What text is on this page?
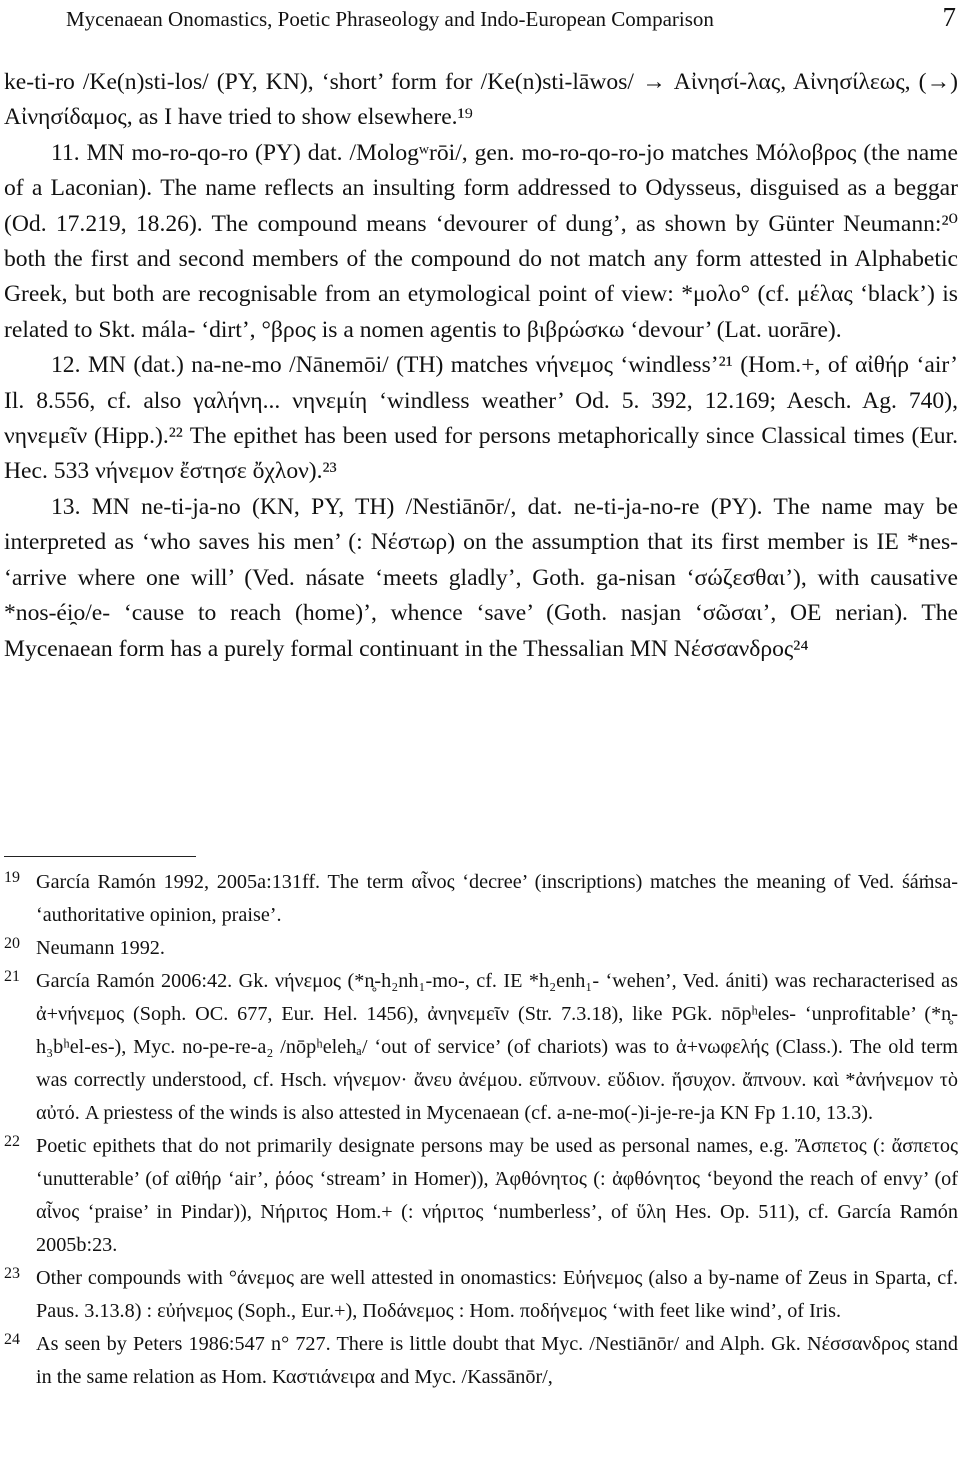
Mycenaean Onomastics, Poetic Phraseology and Indo-European Comparison	7

ke-ti-ro /Ke(n)sti-los/ (PY, KN), ‘short’ form for /Ke(n)sti-lāwos/ → Αἰνησί-λας, Αἰνησίλεως, (→) Αἰνησίδαμος, as I have tried to show elsewhere.¹⁹

11. MN mo-ro-qo-ro (PY) dat. /Mologʷrōi/, gen. mo-ro-qo-ro-jo matches Μόλοβρος (the name of a Laconian). The name reflects an insulting form addressed to Odysseus, disguised as a beggar (Od. 17.219, 18.26). The compound means ‘devourer of dung’, as shown by Günter Neumann:²⁰ both the first and second members of the compound do not match any form attested in Alphabetic Greek, but both are recognisable from an etymological point of view: *μολο° (cf. μέλας ‘black’) is related to Skt. mála- ‘dirt’, °βρος is a nomen agentis to βιβρώσκω ‘devour’ (Lat. uorāre).

12. MN (dat.) na-ne-mo /Nānemōi/ (TH) matches νήνεμος ‘windless’²¹ (Hom.+, of αἰθήρ ‘air’ Il. 8.556, cf. also γαλήνη... νηνεμίη ‘windless weather’ Od. 5. 392, 12.169; Aesch. Ag. 740), νηνεμεῖν (Hipp.).²² The epithet has been used for persons metaphorically since Classical times (Eur. Hec. 533 νήνεμον ἔστησε ὄχλον).²³

13. MN ne-ti-ja-no (KN, PY, TH) /Nestiānōr/, dat. ne-ti-ja-no-re (PY). The name may be interpreted as ‘who saves his men’ (: Νέστωρ) on the assumption that its first member is IE *nes- ‘arrive where one will’ (Ved. násate ‘meets gladly’, Goth. ga-nisan ‘σώζεσθαι’), with causative *nos-éi̯o/e- ‘cause to reach (home)’, whence ‘save’ (Goth. nasjan ‘σῶσαι’, OE nerian). The Mycenaean form has a purely formal continuant in the Thessalian MN Νέσσανδρος²⁴

19 García Ramón 1992, 2005a:131ff. The term αἶνος ‘decree’ (inscriptions) matches the meaning of Ved. śáṁsa- ‘authoritative opinion, praise’.
20 Neumann 1992.
21 García Ramón 2006:42. Gk. νήνεμος (*n̥-h₂nh₁-mo-, cf. IE *h₂enh₁- ‘wehen’, Ved. ániti) was recharacterised as ἀ+νήνεμος (Soph. OC. 677, Eur. Hel. 1456), ἀνηνεμεῖν (Str. 7.3.18), like PGk. nōpʰeles- ‘unprofitable’ (*n̥-h₃bʰel-es-), Myc. no-pe-re-a₂ /nōpʰelehₐ/ ‘out of service’ (of chariots) was to ἀ+νωφελής (Class.). The old term was correctly understood, cf. Hsch. νήνεμον· ἄνευ ἀνέμου. εὔπνουν. εὔδιον. ἥσυχον. ἄπνουν. καὶ *ἀνήνεμον τὸ αὐτό. A priestess of the winds is also attested in Mycenaean (cf. a-ne-mo(-)i-je-re-ja KN Fp 1.10, 13.3).
22 Poetic epithets that do not primarily designate persons may be used as personal names, e.g. Ἄσπετος (: ἄσπετος ‘unutterable’ (of αἰθήρ ‘air’, ῥόος ‘stream’ in Homer)), Ἀφθόνητος (: ἀφθόνητος ‘beyond the reach of envy’ (of αἶνος ‘praise’ in Pindar)), Νήριτος Hom.+ (: νήριτος ‘numberless’, of ὕλη Hes. Op. 511), cf. García Ramón 2005b:23.
23 Other compounds with °άνεμος are well attested in onomastics: Εὐήνεμος (also a by-name of Zeus in Sparta, cf. Paus. 3.13.8) : εὐήνεμος (Soph., Eur.+), Ποδάνεμος : Hom. ποδήνεμος ‘with feet like wind’, of Iris.
24 As seen by Peters 1986:547 n° 727. There is little doubt that Myc. /Nestiānōr/ and Alph. Gk. Νέσσανδρος stand in the same relation as Hom. Καστιάνειρα and Myc. /Kassānōr/,
